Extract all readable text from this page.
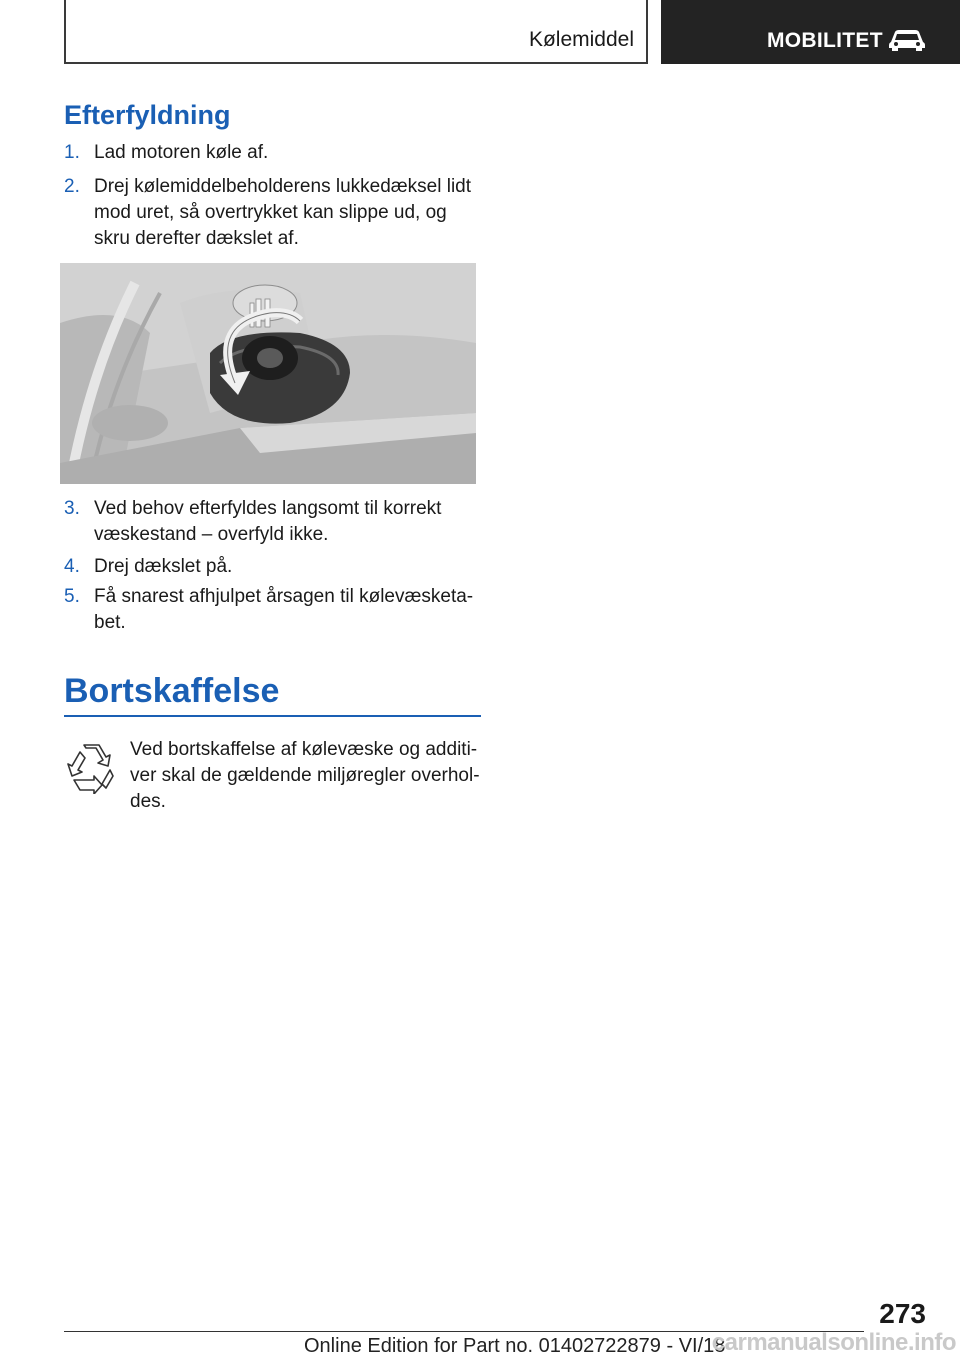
Kølemiddel	MOBILITET
Efterfyldning
1. Lad motoren køle af.
2. Drej kølemiddelbeholderens lukkedæksel lidt mod uret, så overtrykket kan slippe ud, og skru derefter dækslet af.
3. Ved behov efterfyldes langsomt til korrekt væskestand – overfyld ikke.
4. Drej dækslet på.
5. Få snarest afhjulpet årsagen til kølevæsketa‐bet.
Bortskaffelse
Ved bortskaffelse af kølevæske og additi‐ver skal de gældende miljøregler overhol‐des.
273
Online Edition for Part no. 01402722879 - VI/18
carmanualsonline.info
